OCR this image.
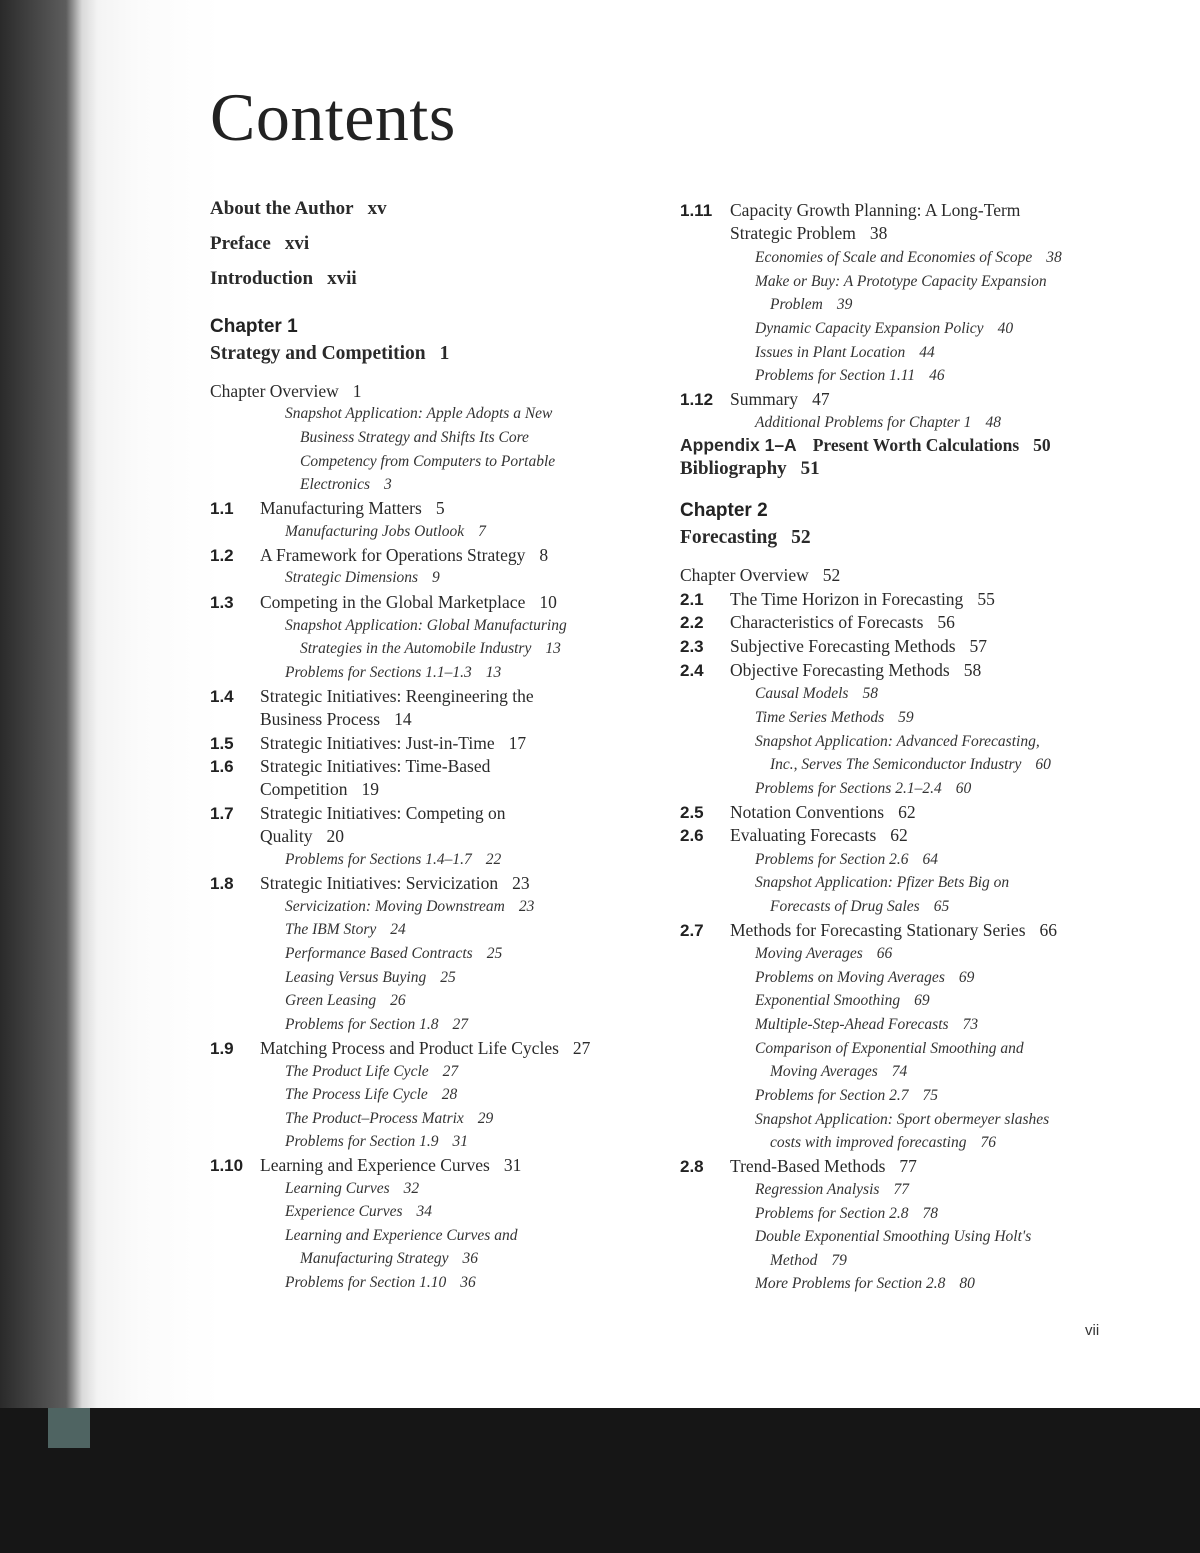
Contents
About the Author xv
Preface xvi
Introduction xvii
Chapter 1
Strategy and Competition 1
Chapter Overview 1
Snapshot Application: Apple Adopts a New
Business Strategy and Shifts Its Core
Competency from Computers to Portable
Electronics 3
1.1 Manufacturing Matters 5
Manufacturing Jobs Outlook 7
1.2 A Framework for Operations Strategy 8
Strategic Dimensions 9
1.3 Competing in the Global Marketplace 10
Snapshot Application: Global Manufacturing
Strategies in the Automobile Industry 13
Problems for Sections 1.1–1.3 13
1.4 Strategic Initiatives: Reengineering the
Business Process 14
1.5 Strategic Initiatives: Just-in-Time 17
1.6 Strategic Initiatives: Time-Based
Competition 19
1.7 Strategic Initiatives: Competing on
Quality 20
Problems for Sections 1.4–1.7 22
1.8 Strategic Initiatives: Servicization 23
Servicization: Moving Downstream 23
The IBM Story 24
Performance Based Contracts 25
Leasing Versus Buying 25
Green Leasing 26
Problems for Section 1.8 27
1.9 Matching Process and Product Life Cycles 27
The Product Life Cycle 27
The Process Life Cycle 28
The Product–Process Matrix 29
Problems for Section 1.9 31
1.10 Learning and Experience Curves 31
Learning Curves 32
Experience Curves 34
Learning and Experience Curves and
Manufacturing Strategy 36
Problems for Section 1.10 36
Appendix 1–A Present Worth Calculations 50
Bibliography 51
Chapter 2
Forecasting 52
1.11 Capacity Growth Planning: A Long-Term
Strategic Problem 38
Economies of Scale and Economies of Scope 38
Make or Buy: A Prototype Capacity Expansion
Problem 39
Dynamic Capacity Expansion Policy 40
Issues in Plant Location 44
Problems for Section 1.11 46
1.12 Summary 47
Additional Problems for Chapter 1 48
Chapter Overview 52
2.1 The Time Horizon in Forecasting 55
2.2 Characteristics of Forecasts 56
2.3 Subjective Forecasting Methods 57
2.4 Objective Forecasting Methods 58
Causal Models 58
Time Series Methods 59
Snapshot Application: Advanced Forecasting,
Inc., Serves The Semiconductor Industry 60
Problems for Sections 2.1–2.4 60
2.5 Notation Conventions 62
2.6 Evaluating Forecasts 62
Problems for Section 2.6 64
Snapshot Application: Pfizer Bets Big on
Forecasts of Drug Sales 65
2.7 Methods for Forecasting Stationary Series 66
Moving Averages 66
Problems on Moving Averages 69
Exponential Smoothing 69
Multiple-Step-Ahead Forecasts 73
Comparison of Exponential Smoothing and
Moving Averages 74
Problems for Section 2.7 75
Snapshot Application: Sport obermeyer slashes
costs with improved forecasting 76
2.8 Trend-Based Methods 77
Regression Analysis 77
Problems for Section 2.8 78
Double Exponential Smoothing Using Holt's
Method 79
More Problems for Section 2.8 80
vii
